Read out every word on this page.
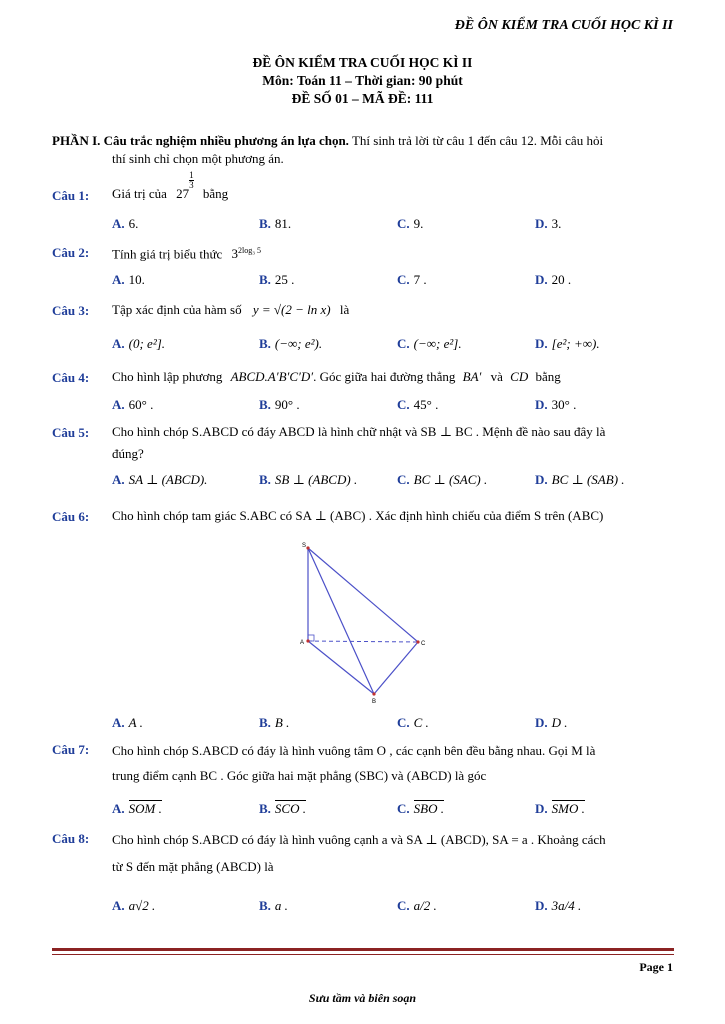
ĐỀ ÔN KIỂM TRA CUỐI HỌC KÌ II
ĐỀ ÔN KIỂM TRA CUỐI HỌC KÌ II
Môn: Toán 11 – Thời gian: 90 phút
ĐỀ SỐ 01 – MÃ ĐỀ: 111
PHẦN I. Câu trắc nghiệm nhiều phương án lựa chọn. Thí sinh trả lời từ câu 1 đến câu 12. Mỗi câu hỏi
thí sinh chỉ chọn một phương án.
Câu 1: Giá trị của 27
$\frac{1}{3}$
bằng
A. 6.	B. 81.	C. 9.	D. 3.
Câu 2: Tính giá trị biểu thức $3^{2log_3 5}$
A. 10.	B. 25 .	C. 7 .	D. 20 .
Câu 3: Tập xác định của hàm số y = √(2 − ln x) là
A. (0; e²].	B. (−∞; e²).	C. (−∞; e²].	D. [e²; +∞).
Câu 4: Cho hình lập phương ABCD.A′B′C′D′. Góc giữa hai đường thẳng BA′ và CD bằng
A. 60° .	B. 90° .	C. 45° .	D. 30° .
Câu 5: Cho hình chóp S.ABCD có đáy ABCD là hình chữ nhật và SB ⊥ BC . Mệnh đề nào sau đây là
đúng?
A. SA ⊥ (ABCD).	B. SB ⊥ (ABCD) .	C. BC ⊥ (SAC) .	D. BC ⊥ (SAB) .
Câu 6: Cho hình chóp tam giác S.ABC có SA ⊥ (ABC) . Xác định hình chiếu của điểm S trên (ABC)
S
A	C
B
A. A .	B. B .	C. C .	D. D .
Câu 7: Cho hình chóp S.ABCD có đáy là hình vuông tâm O , các cạnh bên đều bằng nhau. Gọi M là
trung điểm cạnh BC . Góc giữa hai mặt phẳng (SBC) và (ABCD) là góc
A. SOM .	B. SCO .	C. SBO .	D. SMO .
Câu 8: Cho hình chóp S.ABCD có đáy là hình vuông cạnh a và SA ⊥ (ABCD), SA = a . Khoảng cách
từ S đến mặt phẳng (ABCD) là
A. a√2 .	B. a .	C. a/2 .	D. 3a/4 .
Page 1
Sưu tầm và biên soạn
